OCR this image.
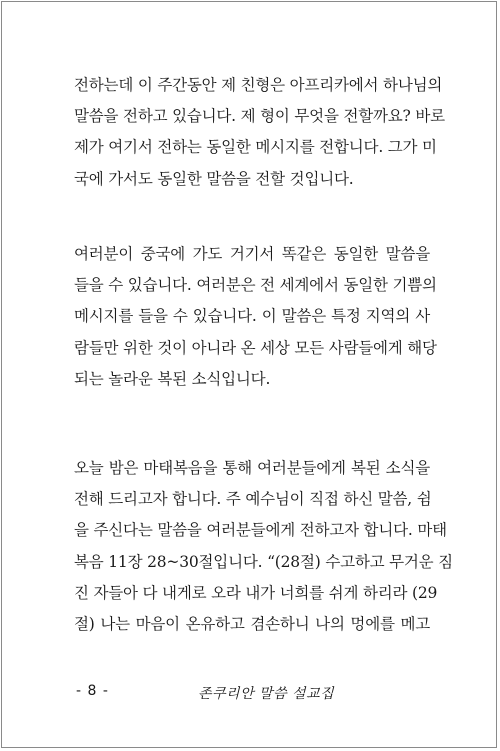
전하는데 이 주간동안 제 친형은 아프리카에서 하나님의
말씀을 전하고 있습니다. 제 형이 무엇을 전할까요? 바로
제가 여기서 전하는 동일한 메시지를 전합니다. 그가 미
국에 가서도 동일한 말씀을 전할 것입니다.
여러분이 중국에 가도 거기서 똑같은 동일한 말씀을
들을 수 있습니다. 여러분은 전 세계에서 동일한 기쁨의
메시지를 들을 수 있습니다. 이 말씀은 특정 지역의 사
람들만 위한 것이 아니라 온 세상 모든 사람들에게 해당
되는 놀라운 복된 소식입니다.
오늘 밤은 마태복음을 통해 여러분들에게 복된 소식을
전해 드리고자 합니다. 주 예수님이 직접 하신 말씀, 쉼
을 주신다는 말씀을 여러분들에게 전하고자 합니다. 마태
복음 11장 28~30절입니다. “(28절) 수고하고 무거운 짐
진 자들아 다 내게로 오라 내가 너희를 쉬게 하리라 (29
절) 나는 마음이 온유하고 겸손하니 나의 멍에를 메고
- 8 -	존쿠리안 말씀 설교집
